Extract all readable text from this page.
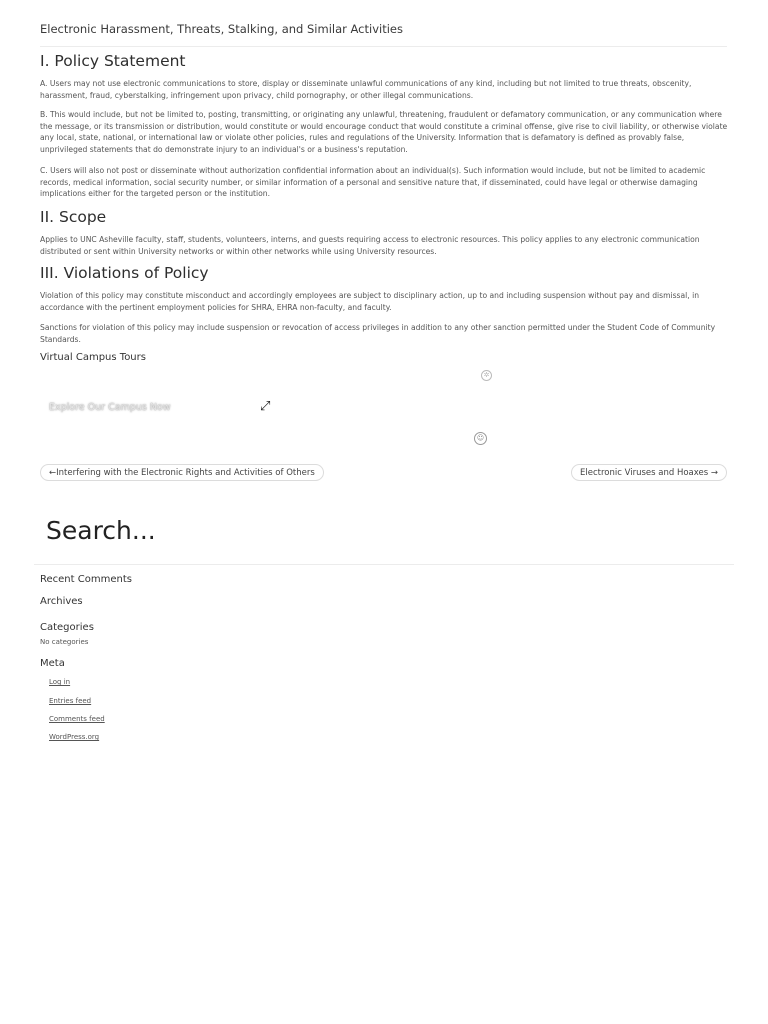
Electronic Harassment, Threats, Stalking, and Similar Activities
I. Policy Statement

A. Users may not use electronic communications to store, display or disseminate unlawful communications of any kind, including but not limited to true threats, obscenity, harassment, fraud, cyberstalking, infringement upon privacy, child pornography, or other illegal communications.

B. This would include, but not be limited to, posting, transmitting, or originating any unlawful, threatening, fraudulent or defamatory communication, or any communication where the message, or its transmission or distribution, would constitute or would encourage conduct that would constitute a criminal offense, give rise to civil liability, or otherwise violate any local, state, national, or international law or violate other policies, rules and regulations of the University. Information that is defamatory is defined as provably false, unprivileged statements that do demonstrate injury to an individual's or a business's reputation.

C. Users will also not post or disseminate without authorization confidential information about an individual(s). Such information would include, but not be limited to academic records, medical information, social security number, or similar information of a personal and sensitive nature that, if disseminated, could have legal or otherwise damaging implications either for the targeted person or the institution.

II. Scope

Applies to UNC Asheville faculty, staff, students, volunteers, interns, and guests requiring access to electronic resources. This policy applies to any electronic communication distributed or sent within University networks or within other networks while using University resources.

III. Violations of Policy

Violation of this policy may constitute misconduct and accordingly employees are subject to disciplinary action, up to and including suspension without pay and dismissal, in accordance with the pertinent employment policies for SHRA, EHRA non-faculty, and faculty.

Sanctions for violation of this policy may include suspension or revocation of access privileges in addition to any other sanction permitted under the Student Code of Community Standards.

Virtual Campus Tours
✲
Explore Our Campus Now	⤢
☺
←Interfering with the Electronic Rights and Activities of Others	Electronic Viruses and Hoaxes →
Search...
Recent Comments
Archives
Categories
No categories
Meta
Log in
Entries feed
Comments feed
WordPress.org
